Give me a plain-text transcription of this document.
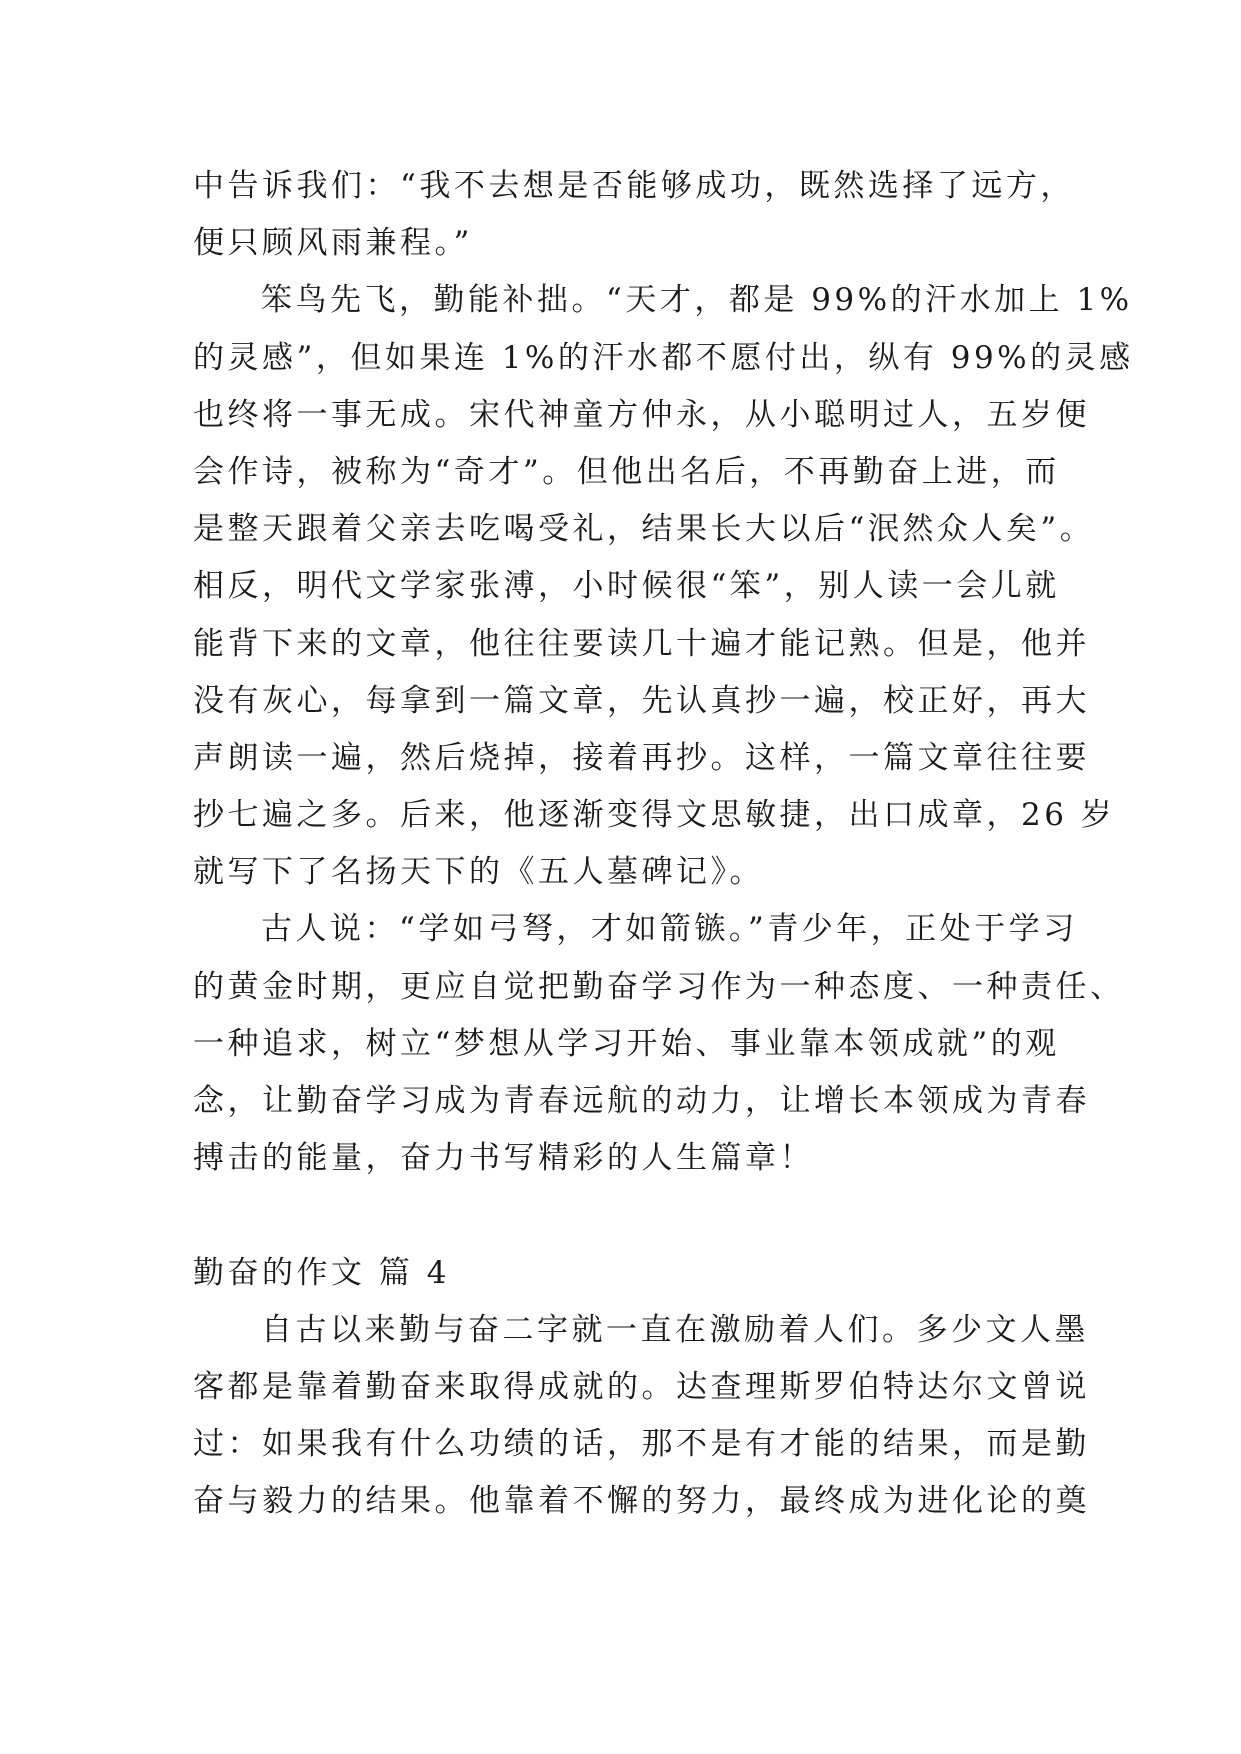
中告诉我们：“我不去想是否能够成功，既然选择了远方，
便只顾风雨兼程。”
笨鸟先飞，勤能补拙。“天才，都是 99%的汗水加上 1%
的灵感”，但如果连 1%的汗水都不愿付出，纵有 99%的灵感
也终将一事无成。宋代神童方仲永，从小聪明过人，五岁便
会作诗，被称为“奇才”。但他出名后，不再勤奋上进，而
是整天跟着父亲去吃喝受礼，结果长大以后“泯然众人矣”。
相反，明代文学家张溥，小时候很“笨”，别人读一会儿就
能背下来的文章，他往往要读几十遍才能记熟。但是，他并
没有灰心，每拿到一篇文章，先认真抄一遍，校正好，再大
声朗读一遍，然后烧掉，接着再抄。这样，一篇文章往往要
抄七遍之多。后来，他逐渐变得文思敏捷，出口成章，26 岁
就写下了名扬天下的《五人墓碑记》。
古人说：“学如弓弩，才如箭镞。”青少年，正处于学习
的黄金时期，更应自觉把勤奋学习作为一种态度、一种责任、
一种追求，树立“梦想从学习开始、事业靠本领成就”的观
念，让勤奋学习成为青春远航的动力，让增长本领成为青春
搏击的能量，奋力书写精彩的人生篇章！
勤奋的作文 篇 4
自古以来勤与奋二字就一直在激励着人们。多少文人墨
客都是靠着勤奋来取得成就的。达查理斯罗伯特达尔文曾说
过：如果我有什么功绩的话，那不是有才能的结果，而是勤
奋与毅力的结果。他靠着不懈的努力，最终成为进化论的奠
